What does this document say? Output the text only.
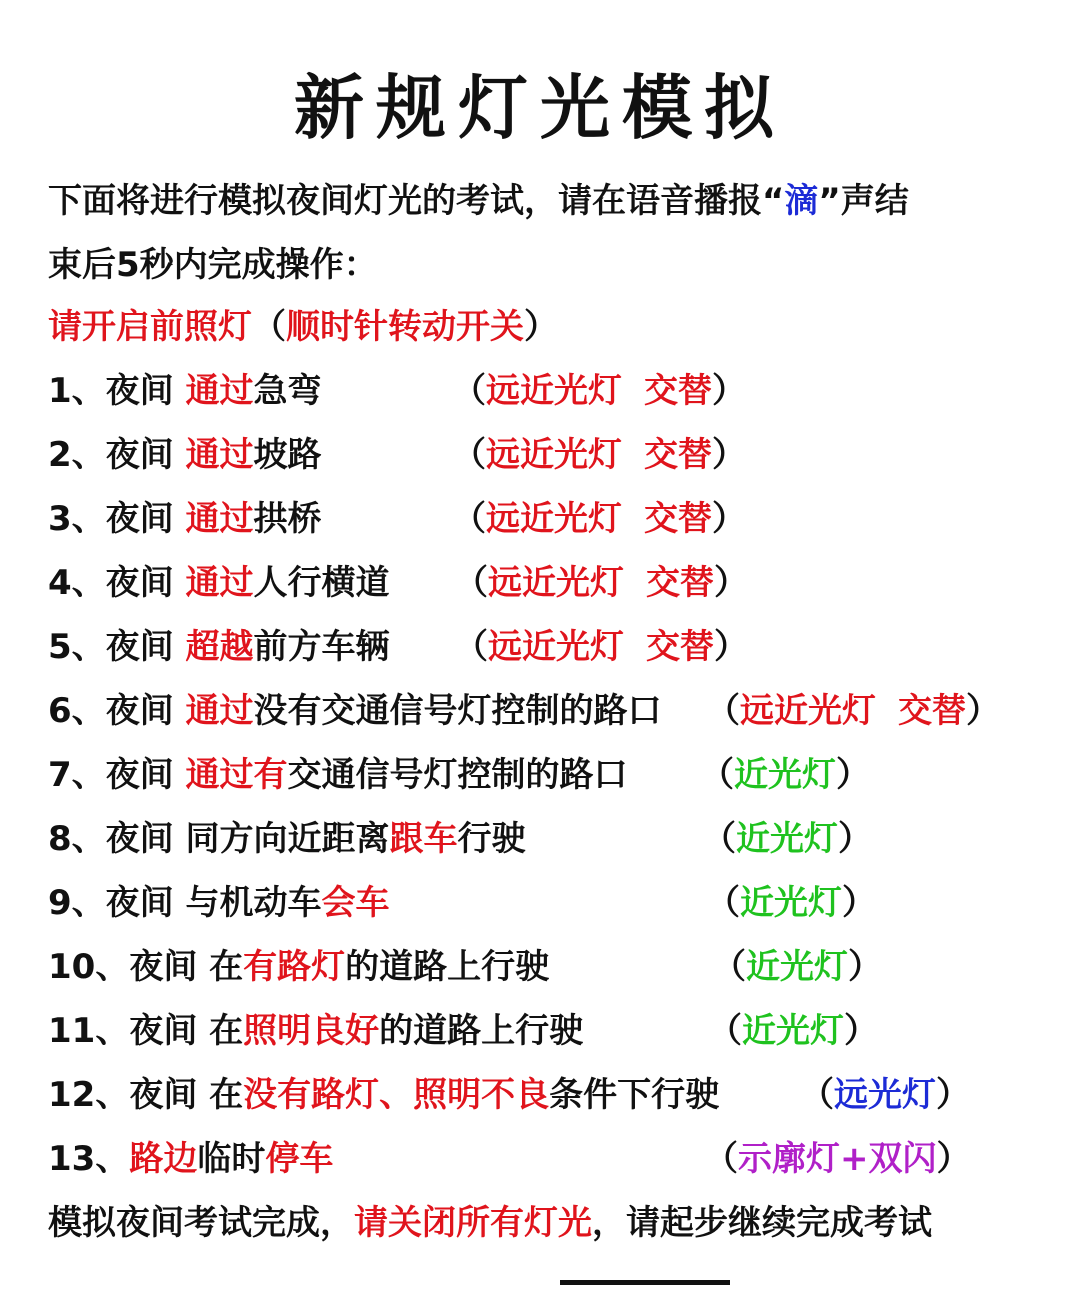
新规灯光模拟
下面将进行模拟夜间灯光的考试，请在语音播报“滴”声结
束后5秒内完成操作：
请开启前照灯（顺时针转动开关）
1、夜间 通过急弯	（远近光灯 交替）
2、夜间 通过坡路	（远近光灯 交替）
3、夜间 通过拱桥	（远近光灯 交替）
4、夜间 通过人行横道 （远近光灯 交替）
5、夜间 超越前方车辆 （远近光灯 交替）
6、夜间 通过没有交通信号灯控制的路口 （远近光灯 交替）
7、夜间 通过有交通信号灯控制的路口 （近光灯）
8、夜间 同方向近距离跟车行驶	（近光灯）
9、夜间 与机动车会车	（近光灯）
10、夜间 在有路灯的道路上行驶	（近光灯）
11、夜间 在照明良好的道路上行驶	（近光灯）
12、夜间 在没有路灯、照明不良条件下行驶 （远光灯）
13、路边临时停车	（示廓灯+双闪）
模拟夜间考试完成，请关闭所有灯光，请起步继续完成考试
